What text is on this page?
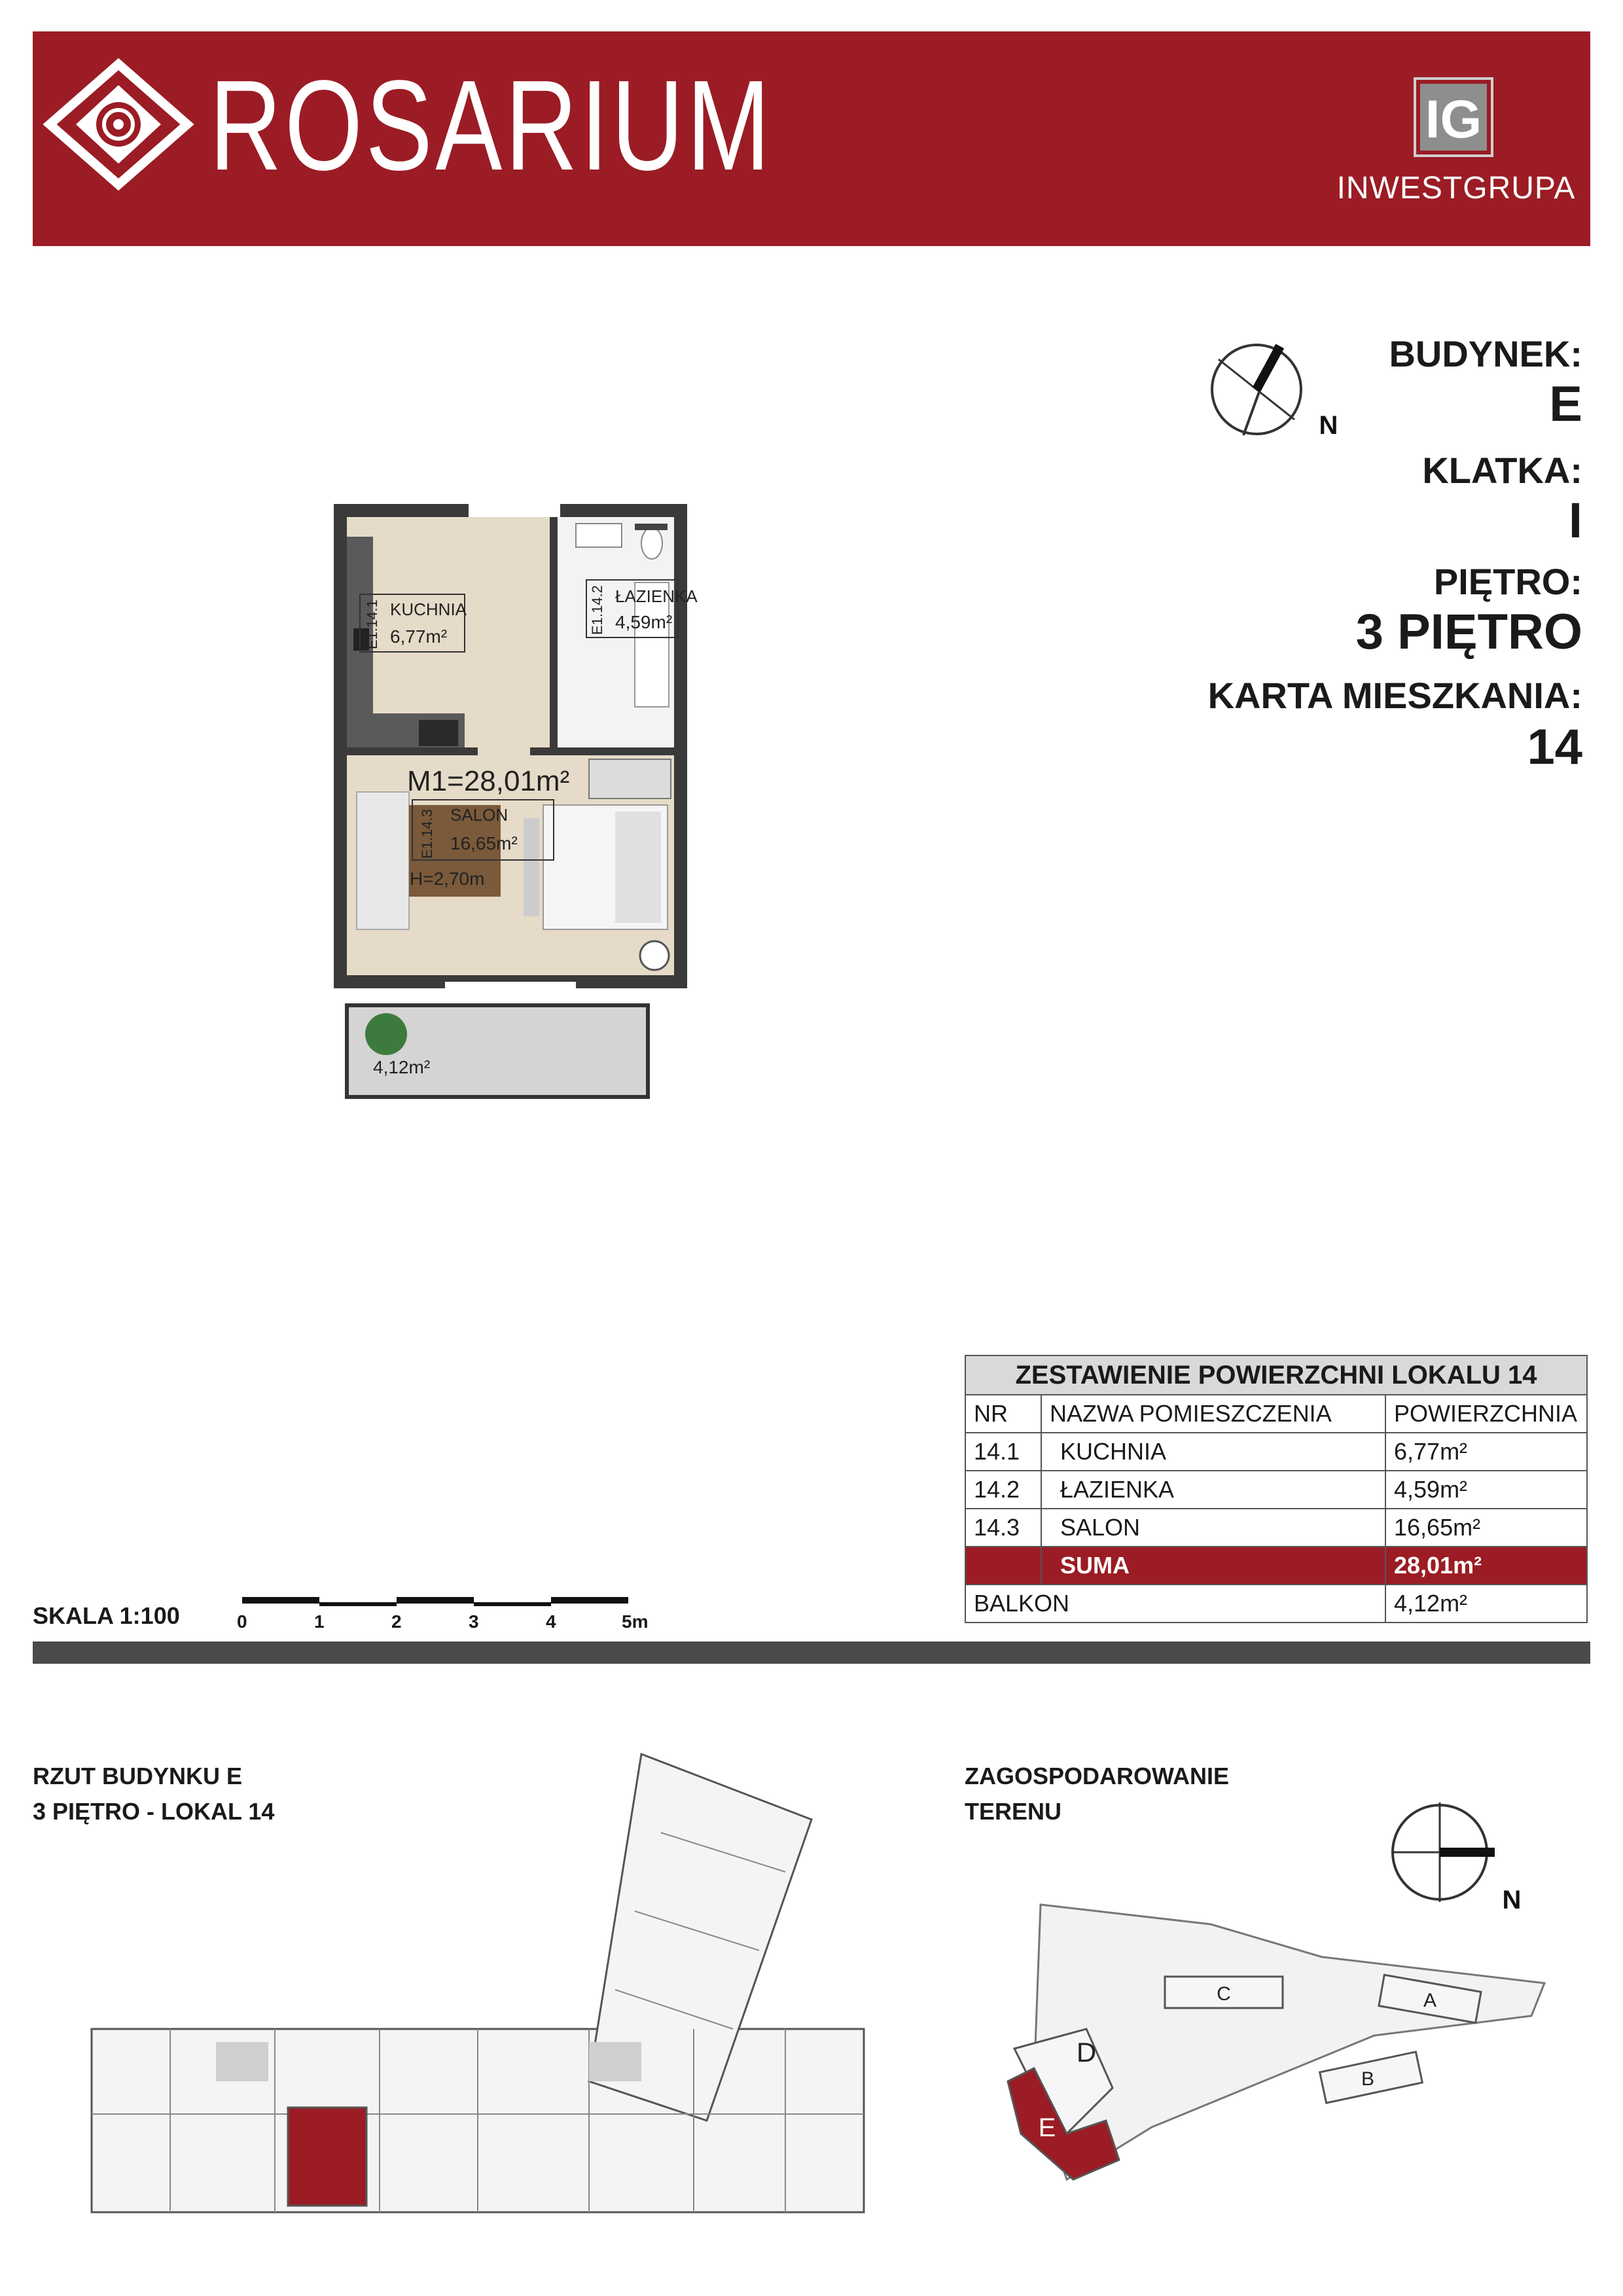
ROSARIUM	IG
INWESTGRUPA
N
BUDYNEK:
E
KLATKA:
I
PIĘTRO:
3 PIĘTRO
KARTA MIESZKANIA:
14
E1.14.1 KUCHNIA
6,77m²
E1.14.2 ŁAZIENKA
4,59m²
M1=28,01m²
E1.14.3 SALON
16,65m²
H=2,70m
4,12m²
ZESTAWIENIE POWIERZCHNI LOKALU 14		
NR	NAZWA POMIESZCZENIA	POWIERZCHNIA
14.1	KUCHNIA	6,77m²
14.2	ŁAZIENKA	4,59m²
14.3	SALON	16,65m²
	SUMA	28,01m²
BALKON		4,12m²
SKALA 1:100	0	1	2	3	4	5m
RZUT BUDYNKU E
3 PIĘTRO - LOKAL 14
ZAGOSPODAROWANIE
TERENU
N
A
B
C
D
E
